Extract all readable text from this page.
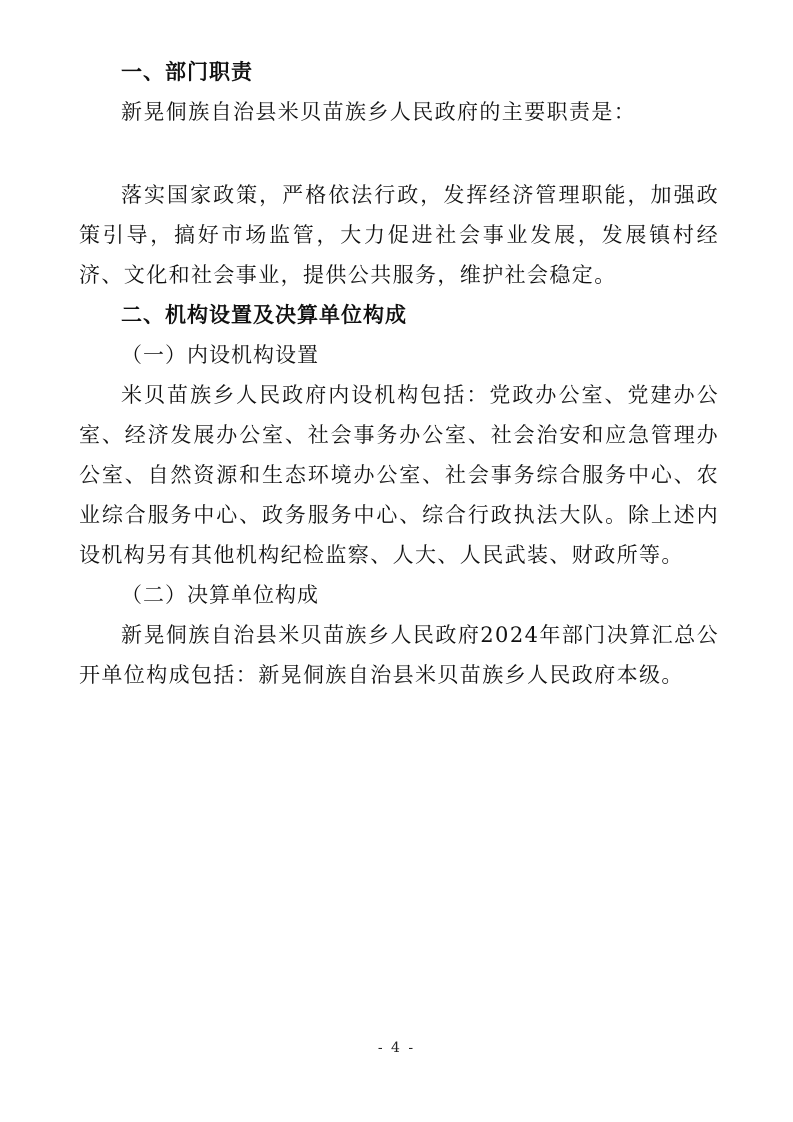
一、部门职责

新晃侗族自治县米贝苗族乡人民政府的主要职责是：

落实国家政策，严格依法行政，发挥经济管理职能，加强政策引导，搞好市场监管，大力促进社会事业发展，发展镇村经济、文化和社会事业，提供公共服务，维护社会稳定。

二、机构设置及决算单位构成

（一）内设机构设置

米贝苗族乡人民政府内设机构包括：党政办公室、党建办公室、经济发展办公室、社会事务办公室、社会治安和应急管理办公室、自然资源和生态环境办公室、社会事务综合服务中心、农业综合服务中心、政务服务中心、综合行政执法大队。除上述内设机构另有其他机构纪检监察、人大、人民武装、财政所等。

（二）决算单位构成

新晃侗族自治县米贝苗族乡人民政府2024年部门决算汇总公开单位构成包括：新晃侗族自治县米贝苗族乡人民政府本级。

- 4 -
